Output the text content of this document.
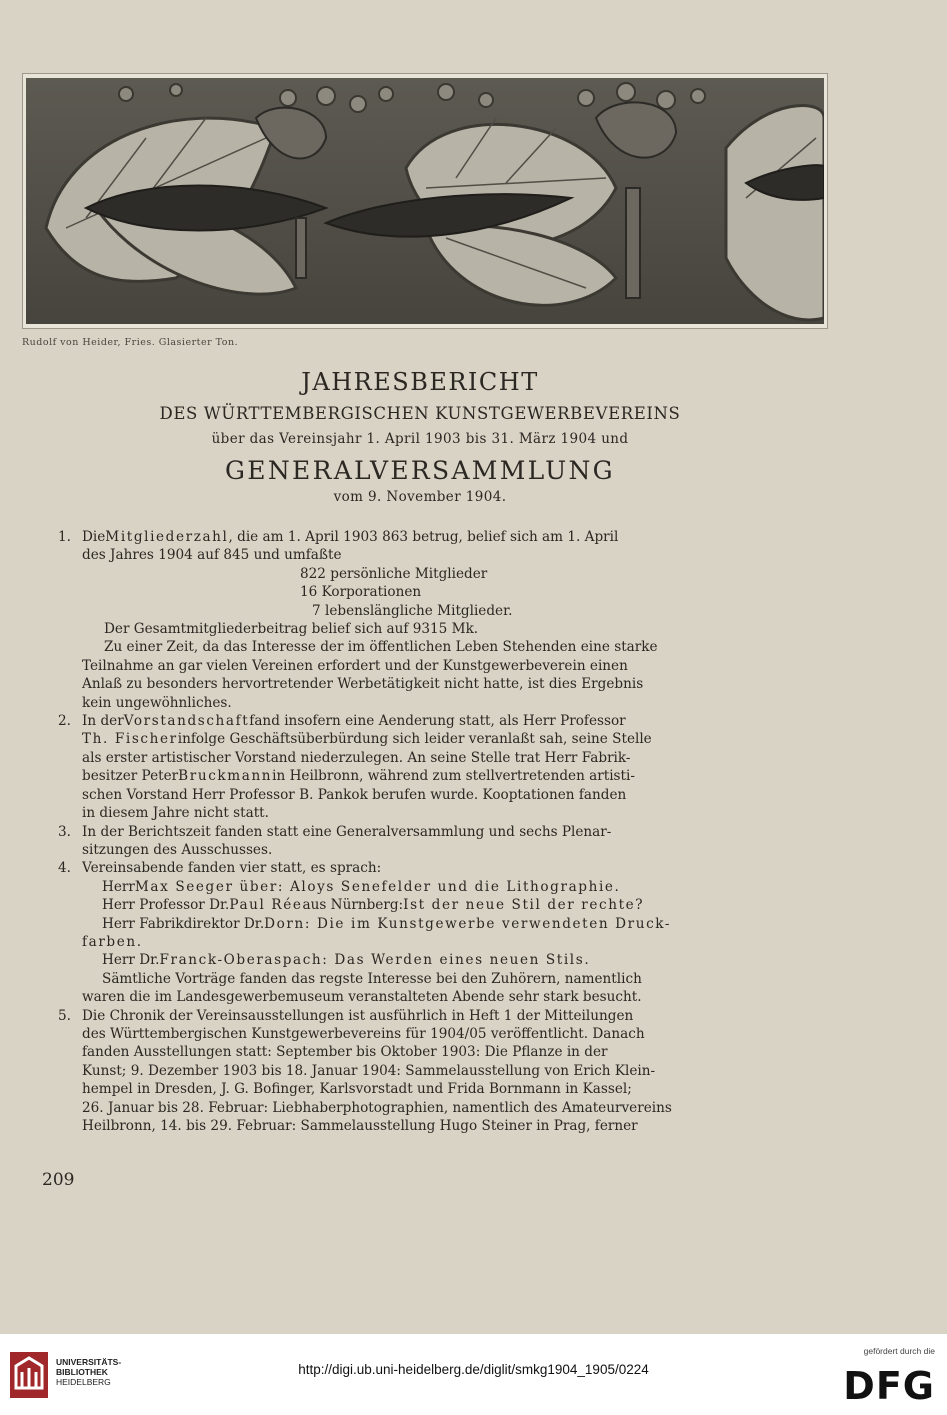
Rudolf von Heider, Fries. Glasierter Ton.
JAHRESBERICHT
DES WÜRTTEMBERGISCHEN KUNSTGEWERBEVEREINS
über das Vereinsjahr 1. April 1903 bis 31. März 1904 und
GENERALVERSAMMLUNG
vom 9. November 1904.
1. Die Mitgliederzahl , die am 1. April 1903 863 betrug, belief sich am 1. April
des Jahres 1904 auf 845 und umfaßte
822 persönliche Mitglieder
16 Korporationen
7 lebenslängliche Mitglieder.
Der Gesamtmitgliederbeitrag belief sich auf 9315 Mk.
Zu einer Zeit, da das Interesse der im öffentlichen Leben Stehenden eine starke
Teilnahme an gar vielen Vereinen erfordert und der Kunstgewerbeverein einen
Anlaß zu besonders hervortretender Werbetätigkeit nicht hatte, ist dies Ergebnis
kein ungewöhnliches.
2. In der Vorstandschaft fand insofern eine Aenderung statt, als Herr Professor
Th. Fischer infolge Geschäftsüberbürdung sich leider veranlaßt sah, seine Stelle
als erster artistischer Vorstand niederzulegen. An seine Stelle trat Herr Fabrik-
besitzer Peter Bruckmann in Heilbronn, während zum stellvertretenden artisti-
schen Vorstand Herr Professor B. Pankok berufen wurde. Kooptationen fanden
in diesem Jahre nicht statt.
3. In der Berichtszeit fanden statt eine Generalversammlung und sechs Plenar-
sitzungen des Ausschusses.
4. Vereinsabende fanden vier statt, es sprach:
Herr Max Seeger über: Aloys Senefelder und die Lithographie.
Herr Professor Dr. Paul Rée aus Nürnberg: Ist der neue Stil der rechte?
Herr Fabrikdirektor Dr. Dorn: Die im Kunstgewerbe verwendeten Druck-
farben.
Herr Dr. Franck-Oberaspach: Das Werden eines neuen Stils.
Sämtliche Vorträge fanden das regste Interesse bei den Zuhörern, namentlich
waren die im Landesgewerbemuseum veranstalteten Abende sehr stark besucht.
5. Die Chronik der Vereinsausstellungen ist ausführlich in Heft 1 der Mitteilungen
des Württembergischen Kunstgewerbevereins für 1904/05 veröffentlicht. Danach
fanden Ausstellungen statt: September bis Oktober 1903: Die Pflanze in der
Kunst; 9. Dezember 1903 bis 18. Januar 1904: Sammelausstellung von Erich Klein-
hempel in Dresden, J. G. Bofinger, Karlsvorstadt und Frida Bornmann in Kassel;
26. Januar bis 28. Februar: Liebhaberphotographien, namentlich des Amateurvereins
Heilbronn, 14. bis 29. Februar: Sammelausstellung Hugo Steiner in Prag, ferner
209
UNIVERSITÄTS-
BIBLIOTHEK
HEIDELBERG
http://digi.ub.uni-heidelberg.de/diglit/smkg1904_1905/0224
gefördert durch die
DFG
